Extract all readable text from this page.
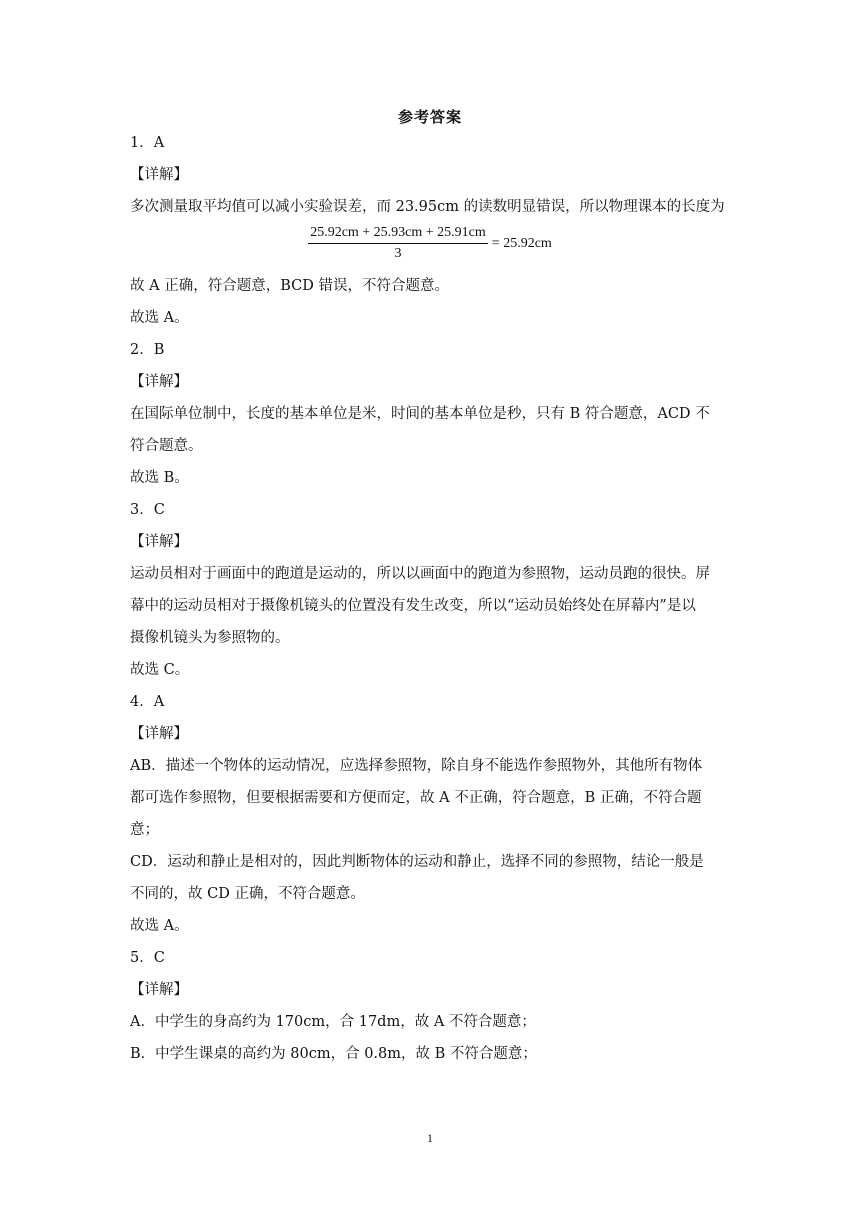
参考答案
1．A
【详解】
多次测量取平均值可以减小实验误差，而 23.95cm 的读数明显错误，所以物理课本的长度为
$\frac{25.92cm + 25.93cm + 25.91cm}{3} = 25.92cm$
故 A 正确，符合题意，BCD 错误，不符合题意。
故选 A。
2．B
【详解】
在国际单位制中，长度的基本单位是米，时间的基本单位是秒，只有 B 符合题意，ACD 不
符合题意。
故选 B。
3．C
【详解】
运动员相对于画面中的跑道是运动的，所以以画面中的跑道为参照物，运动员跑的很快。屏
幕中的运动员相对于摄像机镜头的位置没有发生改变，所以“运动员始终处在屏幕内”是以
摄像机镜头为参照物的。
故选 C。
4．A
【详解】
AB．描述一个物体的运动情况，应选择参照物，除自身不能选作参照物外，其他所有物体
都可选作参照物，但要根据需要和方便而定，故 A 不正确，符合题意，B 正确，不符合题
意；
CD．运动和静止是相对的，因此判断物体的运动和静止，选择不同的参照物，结论一般是
不同的，故 CD 正确，不符合题意。
故选 A。
5．C
【详解】
A．中学生的身高约为 170cm，合 17dm，故 A 不符合题意；
B．中学生课桌的高约为 80cm，合 0.8m，故 B 不符合题意；
1
